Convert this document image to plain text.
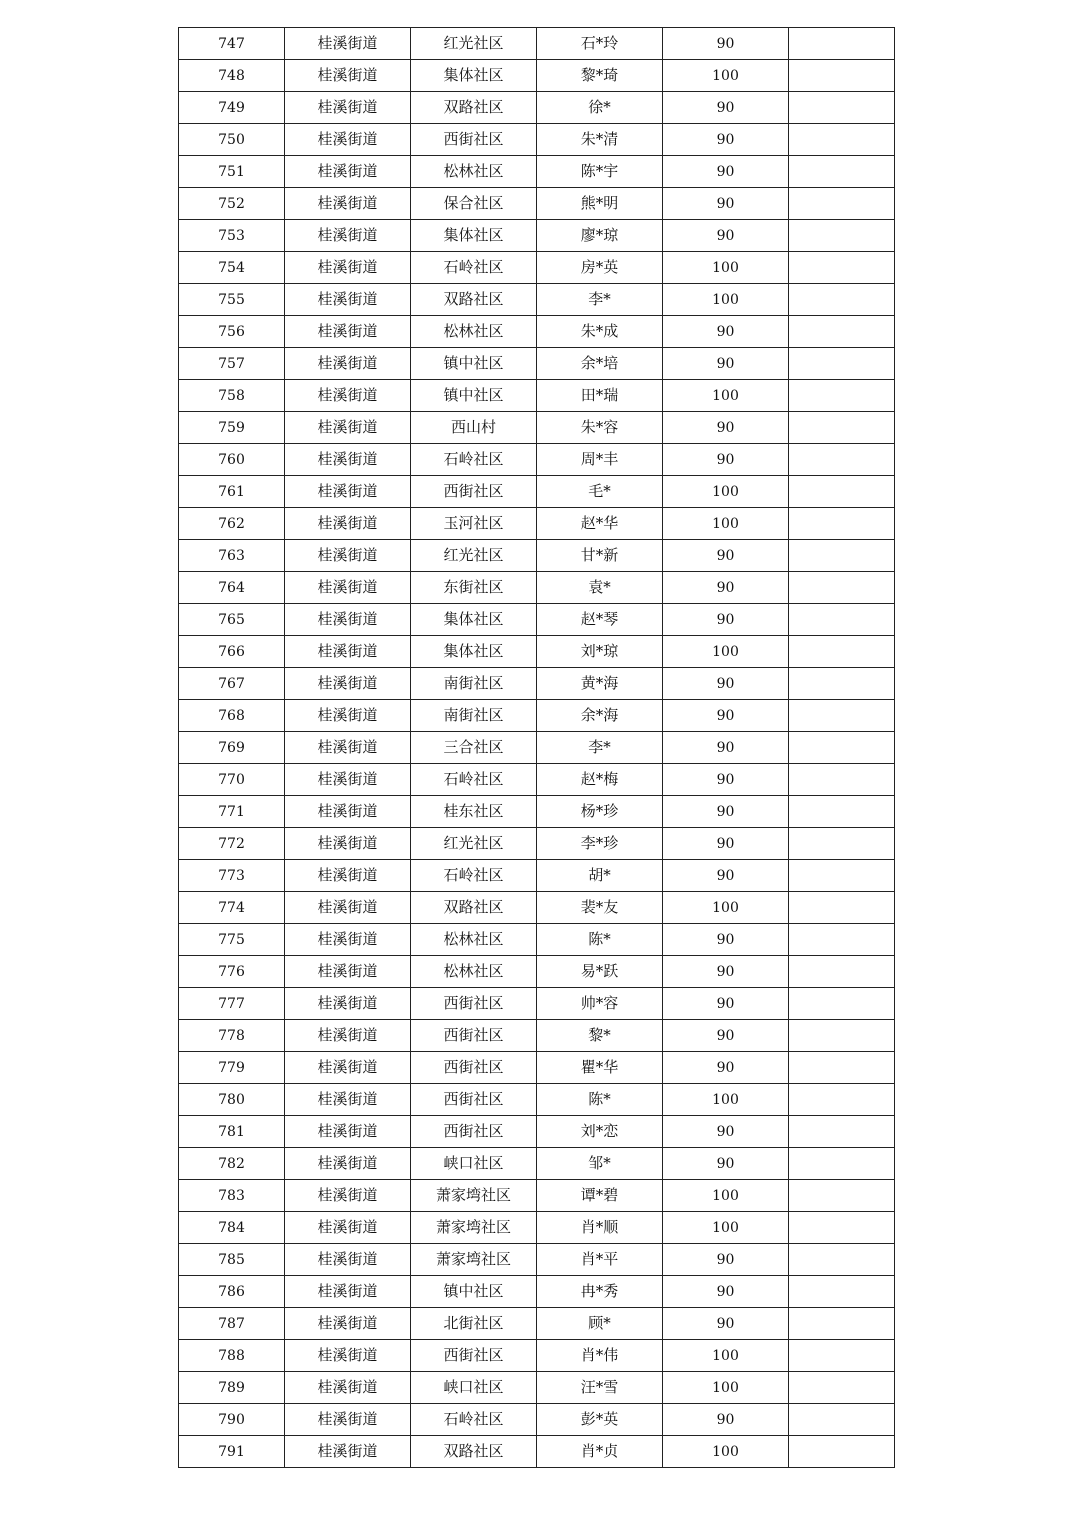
747	桂溪街道	红光社区	石*玲	90	
748	桂溪街道	集体社区	黎*琦	100	
749	桂溪街道	双路社区	徐*	90	
750	桂溪街道	西街社区	朱*清	90	
751	桂溪街道	松林社区	陈*宇	90	
752	桂溪街道	保合社区	熊*明	90	
753	桂溪街道	集体社区	廖*琼	90	
754	桂溪街道	石岭社区	房*英	100	
755	桂溪街道	双路社区	李*	100	
756	桂溪街道	松林社区	朱*成	90	
757	桂溪街道	镇中社区	余*培	90	
758	桂溪街道	镇中社区	田*瑞	100	
759	桂溪街道	西山村	朱*容	90	
760	桂溪街道	石岭社区	周*丰	90	
761	桂溪街道	西街社区	毛*	100	
762	桂溪街道	玉河社区	赵*华	100	
763	桂溪街道	红光社区	甘*新	90	
764	桂溪街道	东街社区	袁*	90	
765	桂溪街道	集体社区	赵*琴	90	
766	桂溪街道	集体社区	刘*琼	100	
767	桂溪街道	南街社区	黄*海	90	
768	桂溪街道	南街社区	余*海	90	
769	桂溪街道	三合社区	李*	90	
770	桂溪街道	石岭社区	赵*梅	90	
771	桂溪街道	桂东社区	杨*珍	90	
772	桂溪街道	红光社区	李*珍	90	
773	桂溪街道	石岭社区	胡*	90	
774	桂溪街道	双路社区	裴*友	100	
775	桂溪街道	松林社区	陈*	90	
776	桂溪街道	松林社区	易*跃	90	
777	桂溪街道	西街社区	帅*容	90	
778	桂溪街道	西街社区	黎*	90	
779	桂溪街道	西街社区	瞿*华	90	
780	桂溪街道	西街社区	陈*	100	
781	桂溪街道	西街社区	刘*恋	90	
782	桂溪街道	峡口社区	邹*	90	
783	桂溪街道	萧家塆社区	谭*碧	100	
784	桂溪街道	萧家塆社区	肖*顺	100	
785	桂溪街道	萧家塆社区	肖*平	90	
786	桂溪街道	镇中社区	冉*秀	90	
787	桂溪街道	北街社区	顾*	90	
788	桂溪街道	西街社区	肖*伟	100	
789	桂溪街道	峡口社区	汪*雪	100	
790	桂溪街道	石岭社区	彭*英	90	
791	桂溪街道	双路社区	肖*贞	100	
